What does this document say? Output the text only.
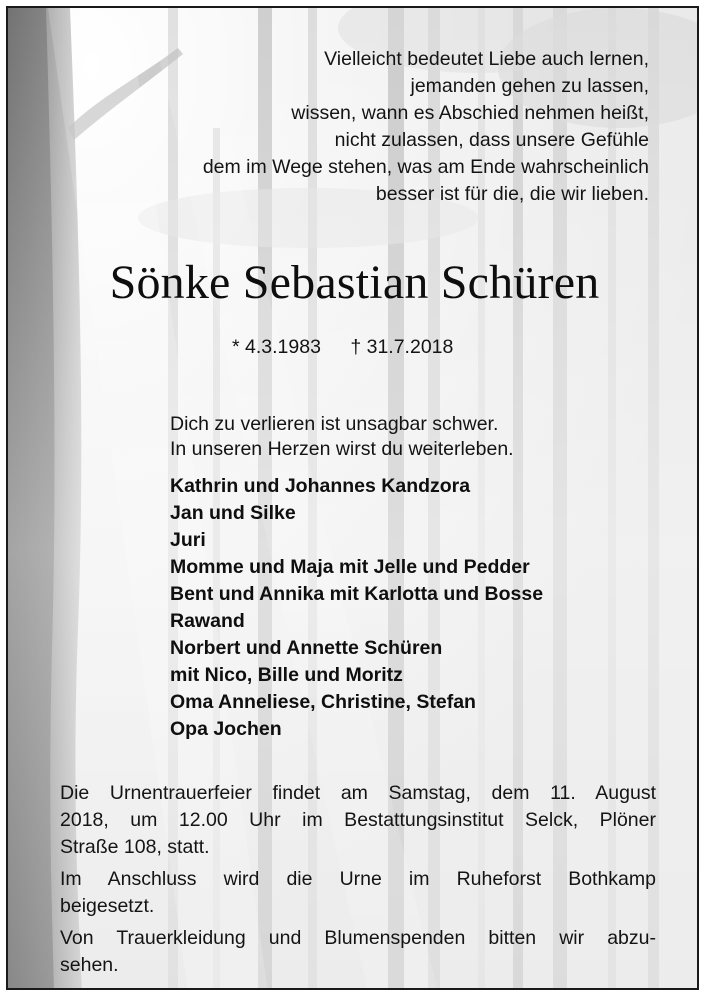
Vielleicht bedeutet Liebe auch lernen,
jemanden gehen zu lassen,
wissen, wann es Abschied nehmen heißt,
nicht zulassen, dass unsere Gefühle
dem im Wege stehen, was am Ende wahrscheinlich
besser ist für die, die wir lieben.
Sönke Sebastian Schüren
* 4.3.1983 † 31.7.2018
Dich zu verlieren ist unsagbar schwer.
In unseren Herzen wirst du weiterleben.
Kathrin und Johannes Kandzora
Jan und Silke
Juri
Momme und Maja mit Jelle und Pedder
Bent und Annika mit Karlotta und Bosse
Rawand
Norbert und Annette Schüren
mit Nico, Bille und Moritz
Oma Anneliese, Christine, Stefan
Opa Jochen

Die Urnentrauerfeier findet am Samstag, dem 11. August
2018, um 12.00 Uhr im Bestattungsinstitut Selck, Plöner
Straße 108, statt.

Im Anschluss wird die Urne im Ruheforst Bothkamp
beigesetzt.

Von Trauerkleidung und Blumenspenden bitten wir abzu-
sehen.
